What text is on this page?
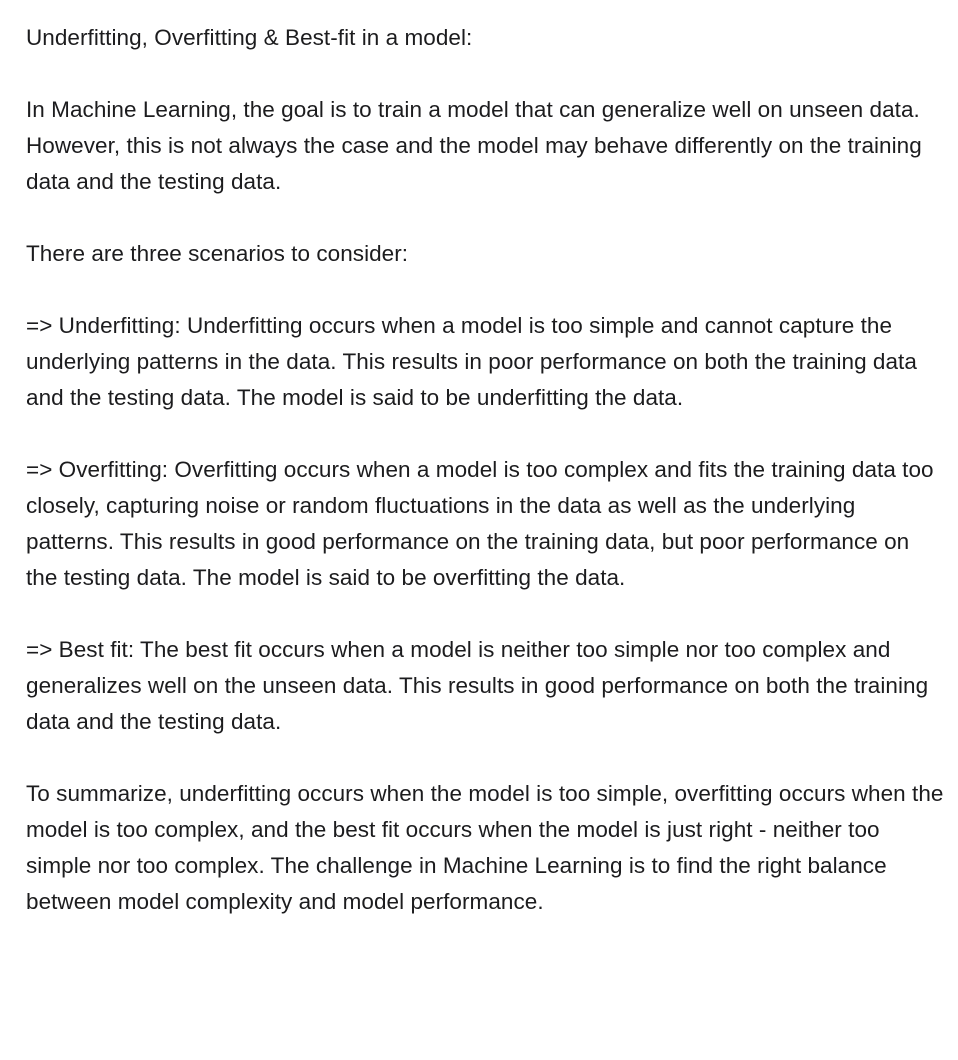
Underfitting, Overfitting & Best-fit in a model:

In Machine Learning, the goal is to train a model that can generalize well on unseen data. However, this is not always the case and the model may behave differently on the training data and the testing data.

There are three scenarios to consider:

=> Underfitting: Underfitting occurs when a model is too simple and cannot capture the underlying patterns in the data. This results in poor performance on both the training data and the testing data. The model is said to be underfitting the data.

=> Overfitting: Overfitting occurs when a model is too complex and fits the training data too closely, capturing noise or random fluctuations in the data as well as the underlying patterns. This results in good performance on the training data, but poor performance on the testing data. The model is said to be overfitting the data.

=> Best fit: The best fit occurs when a model is neither too simple nor too complex and generalizes well on the unseen data. This results in good performance on both the training data and the testing data.

To summarize, underfitting occurs when the model is too simple, overfitting occurs when the model is too complex, and the best fit occurs when the model is just right - neither too simple nor too complex. The challenge in Machine Learning is to find the right balance between model complexity and model performance.
